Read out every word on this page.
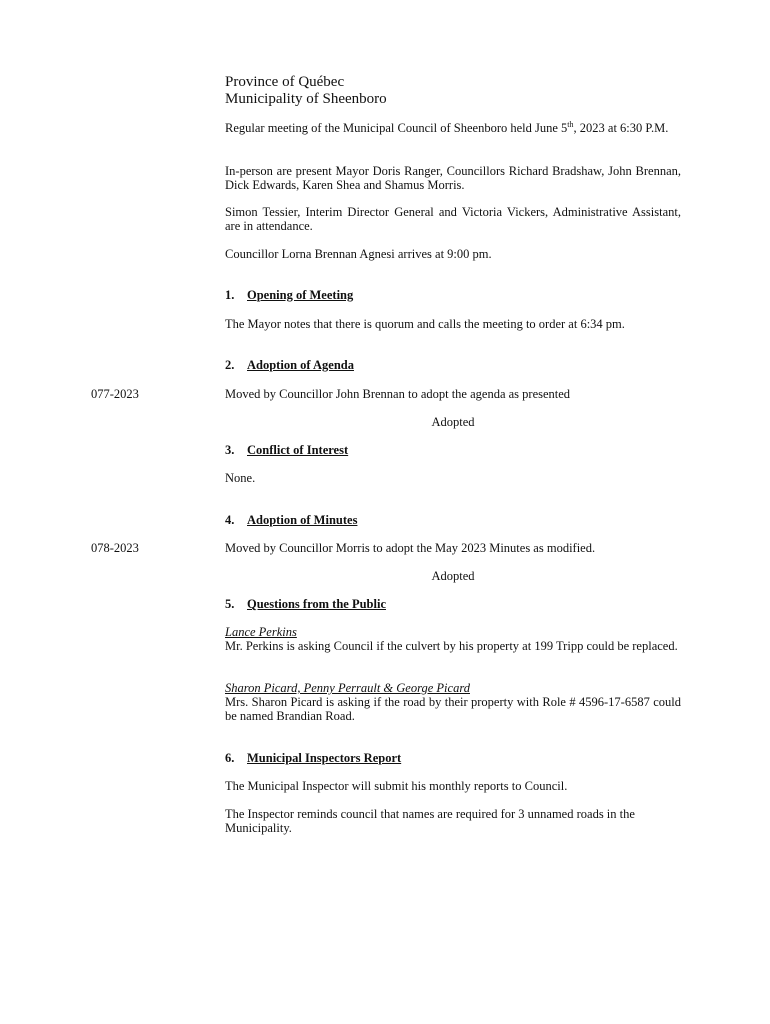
Province of Québec
Municipality of Sheenboro
Regular meeting of the Municipal Council of Sheenboro held June 5th, 2023 at 6:30 P.M.
In-person are present Mayor Doris Ranger, Councillors Richard Bradshaw, John Brennan, Dick Edwards, Karen Shea and Shamus Morris.
Simon Tessier, Interim Director General and Victoria Vickers, Administrative Assistant, are in attendance.
Councillor Lorna Brennan Agnesi arrives at 9:00 pm.
1. Opening of Meeting
The Mayor notes that there is quorum and calls the meeting to order at 6:34 pm.
2. Adoption of Agenda
077-2023	Moved by Councillor John Brennan to adopt the agenda as presented
Adopted
3. Conflict of Interest
None.
4. Adoption of Minutes
078-2023	Moved by Councillor Morris to adopt the May 2023 Minutes as modified.
Adopted
5. Questions from the Public
Lance Perkins
Mr. Perkins is asking Council if the culvert by his property at 199 Tripp could be replaced.
Sharon Picard, Penny Perrault & George Picard
Mrs. Sharon Picard is asking if the road by their property with Role # 4596-17-6587 could be named Brandian Road.
6. Municipal Inspectors Report
The Municipal Inspector will submit his monthly reports to Council.
The Inspector reminds council that names are required for 3 unnamed roads in the Municipality.
